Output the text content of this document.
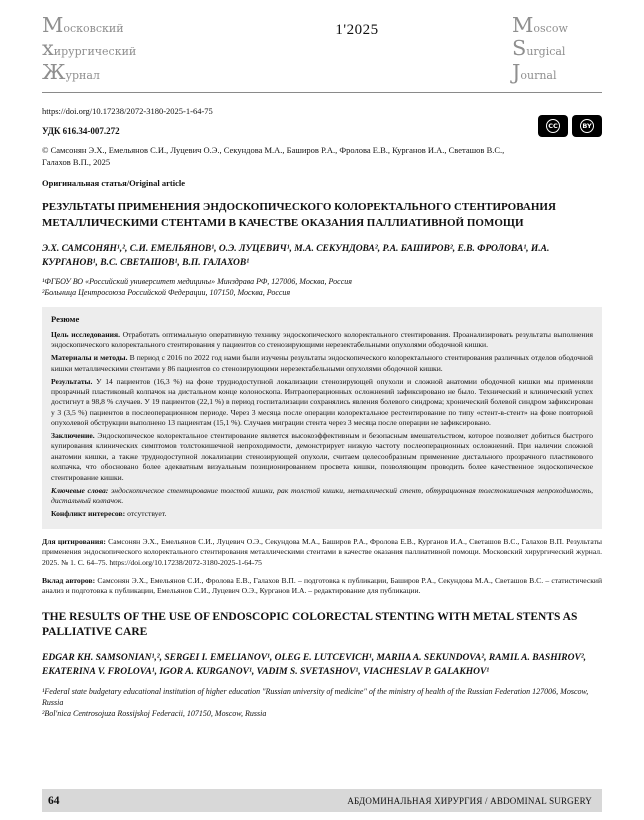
Московский
хирургический
Журнал
1'2025	Moscow
Surgical
Journal
https://doi.org/10.17238/2072-3180-2025-1-64-75
УДК 616.34-007.272
© Самсонян Э.Х., Емельянов С.И., Луцевич О.Э., Секундова М.А., Баширов Р.А., Фролова Е.В., Курганов И.А., Светашов В.С., Галахов В.П., 2025
Оригинальная статья/Original article
CC	BY
РЕЗУЛЬТАТЫ ПРИМЕНЕНИЯ ЭНДОСКОПИЧЕСКОГО КОЛОРЕКТАЛЬНОГО СТЕНТИРОВАНИЯ МЕТАЛЛИЧЕСКИМИ СТЕНТАМИ В КАЧЕСТВЕ ОКАЗАНИЯ ПАЛЛИАТИВНОЙ ПОМОЩИ
Э.Х. САМСОНЯН¹,², С.И. ЕМЕЛЬЯНОВ¹, О.Э. ЛУЦЕВИЧ¹, М.А. СЕКУНДОВА², Р.А. БАШИРОВ², Е.В. ФРОЛОВА¹, И.А. КУРГАНОВ¹, В.С. СВЕТАШОВ¹, В.П. ГАЛАХОВ¹
¹ФГБОУ ВО «Российский университет медицины» Минздрава РФ, 127006, Москва, Россия
²Больница Центросоюза Российской Федерации, 107150, Москва, Россия
Резюме

Цель исследования. Отработать оптимальную оперативную технику эндоскопического колоректального стентирования. Проанализировать результаты выполнения эндоскопического колоректального стентирования у пациентов со стенозирующими нерезектабельными опухолями ободочной кишки.

Материалы и методы. В период с 2016 по 2022 год нами были изучены результаты эндоскопического колоректального стентирования различных отделов ободочной кишки металлическими стентами у 86 пациентов со стенозирующими нерезектабельными опухолями ободочной кишки.

Результаты. У 14 пациентов (16,3 %) на фоне труднодоступной локализации стенозирующей опухоли и сложной анатомии ободочной кишки мы применяли прозрачный пластиковый колпачок на дистальном конце колоноскопа. Интраоперационных осложнений зафиксировано не было. Технический и клинический успех достигнут в 98,8 % случаев. У 19 пациентов (22,1 %) в период госпитализации сохранялись явления болевого синдрома; хронический болевой синдром зафиксирован у 3 (3,5 %) пациентов в послеоперационном периоде. Через 3 месяца после операции колоректальное рестентирование по типу «стент-в-стент» на фоне повторной опухолевой обструкции выполнено 13 пациентам (15,1 %). Случаев миграции стента через 3 месяца после операции не зафиксировано.

Заключение. Эндоскопическое колоректальное стентирование является высокоэффективным и безопасным вмешательством, которое позволяет добиться быстрого купирования клинических симптомов толстокишечной непроходимости, демонстрирует низкую частоту послеоперационных осложнений. При наличии сложной анатомии кишки, а также труднодоступной локализации стенозирующей опухоли, считаем целесообразным применение дистального прозрачного пластикового колпачка, что обосновано более адекватным визуальным позиционированием просвета кишки, позволяющим проводить более качественное эндоскопическое стентирование кишки.

Ключевые слова: эндоскопическое стентирование толстой кишки, рак толстой кишки, металлический стент, обтурационная толстокишечная непроходимость, дистальный колпачок.

Конфликт интересов: отсутствует.

Для цитирования: Самсонян Э.Х., Емельянов С.И., Луцевич О.Э., Секундова М.А., Баширов Р.А., Фролова Е.В., Курганов И.А., Светашов В.С., Галахов В.П. Результаты применения эндоскопического колоректального стентирования металлическими стентами в качестве оказания паллиативной помощи. Московский хирургический журнал. 2025. № 1. С. 64–75. https://doi.org/10.17238/2072-3180-2025-1-64-75
Вклад авторов: Самсонян Э.Х., Емельянов С.И., Фролова Е.В., Галахов В.П. – подготовка к публикации, Баширов Р.А., Секундова М.А., Светашов В.С. – статистический анализ и подготовка к публикации, Емельянов С.И., Луцевич О.Э., Курганов И.А. – редактирование для публикации.
THE RESULTS OF THE USE OF ENDOSCOPIC COLORECTAL STENTING WITH METAL STENTS AS PALLIATIVE CARE
EDGAR KH. SAMSONIAN¹,², SERGEI I. EMELIANOV¹, OLEG E. LUTCEVICH¹, MARIIA A. SEKUNDOVA², RAMIL A. BASHIROV², EKATERINA V. FROLOVA¹, IGOR A. KURGANOV¹, VADIM S. SVETASHOV¹, VIACHESLAV P. GALAKHOV¹
¹Federal state budgetary educational institution of higher education "Russian university of medicine" of the ministry of health of the Russian Federation 127006, Moscow, Russia
²Bol'nica Centrosojuza Rossijskoj Federacii, 107150, Moscow, Russia
64	АБДОМИНАЛЬНАЯ ХИРУРГИЯ / ABDOMINAL SURGERY
